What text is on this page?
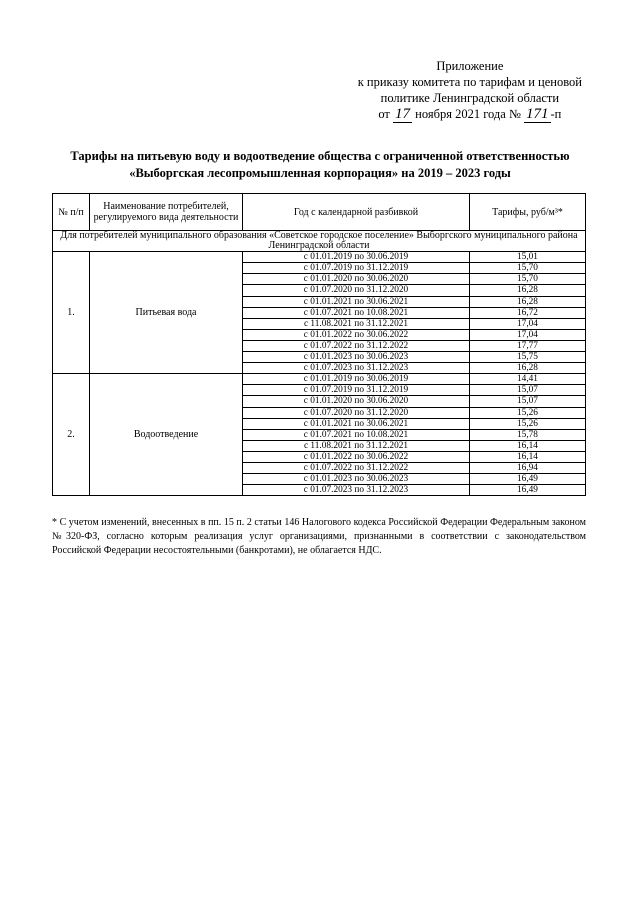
Приложение
к приказу комитета по тарифам и ценовой
политике Ленинградской области
от 17 ноября 2021 года № 171 -п
Тарифы на питьевую воду и водоотведение общества с ограниченной ответственностью
«Выборгская лесопромышленная корпорация» на 2019 – 2023 годы
№ п/п	Наименование потребителей, регулируемого вида деятельности	Год с календарной разбивкой	Тарифы, руб/м³*
Для потребителей муниципального образования «Советское городское поселение» Выборгского муниципального района Ленинградской области			
1.	Питьевая вода	с 01.01.2019 по 30.06.2019	15,01
		с 01.07.2019 по 31.12.2019	15,70
		с 01.01.2020 по 30.06.2020	15,70
		с 01.07.2020 по 31.12.2020	16,28
		с 01.01.2021 по 30.06.2021	16,28
		с 01.07.2021 по 10.08.2021	16,72
		с 11.08.2021 по 31.12.2021	17,04
		с 01.01.2022 по 30.06.2022	17,04
		с 01.07.2022 по 31.12.2022	17,77
		с 01.01.2023 по 30.06.2023	15,75
		с 01.07.2023 по 31.12.2023	16,28
2.	Водоотведение	с 01.01.2019 по 30.06.2019	14,41
		с 01.07.2019 по 31.12.2019	15,07
		с 01.01.2020 по 30.06.2020	15,07
		с 01.07.2020 по 31.12.2020	15,26
		с 01.01.2021 по 30.06.2021	15,26
		с 01.07.2021 по 10.08.2021	15,78
		с 11.08.2021 по 31.12.2021	16,14
		с 01.01.2022 по 30.06.2022	16,14
		с 01.07.2022 по 31.12.2022	16,94
		с 01.01.2023 по 30.06.2023	16,49
		с 01.07.2023 по 31.12.2023	16,49
* С учетом изменений, внесенных в пп. 15 п. 2 статьи 146 Налогового кодекса Российской Федерации Федеральным законом №320-ФЗ, согласно которым реализация услуг организациями, признанными в соответствии с законодательством Российской Федерации несостоятельными (банкротами), не облагается НДС.
